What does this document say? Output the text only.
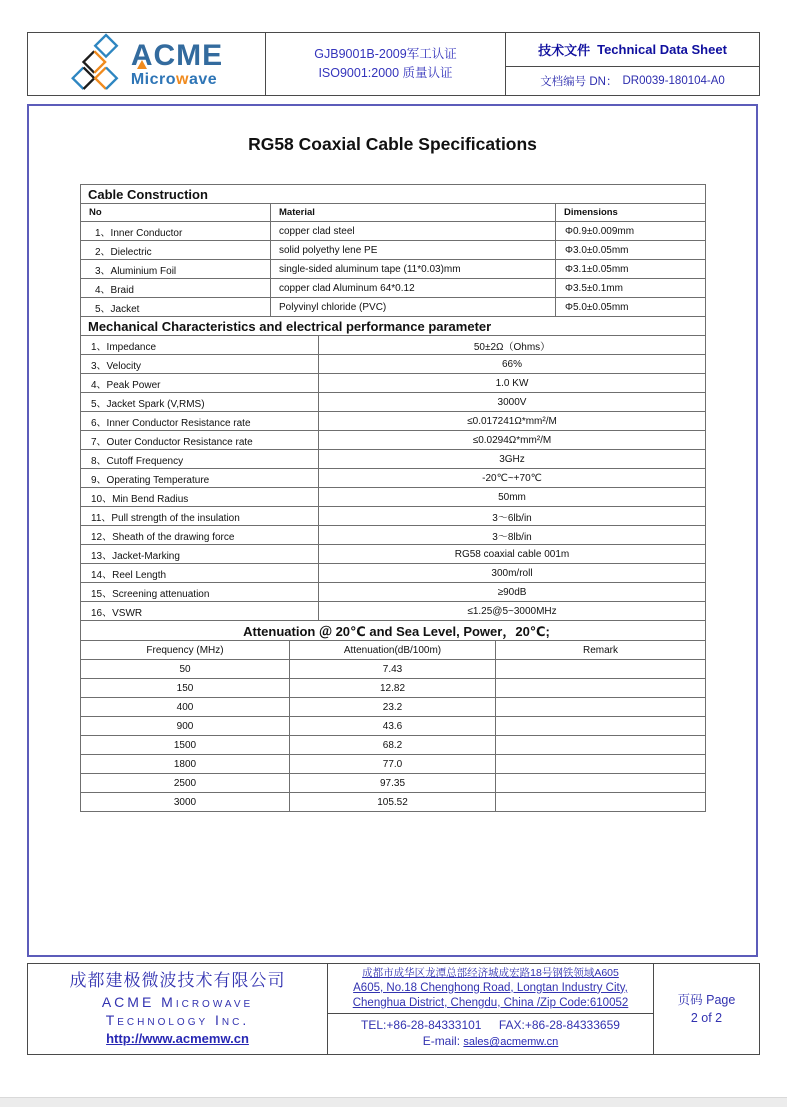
ACME
Microwave
GJB9001B-2009军工认证
ISO9001:2000 质量认证
技术文件 Technical Data Sheet
文档编号 DN： DR0039-180104-A0
RG58 Coaxial Cable Specifications
Cable Construction		
No	Material	Dimensions
1、Inner Conductor	copper clad steel	Φ0.9±0.009mm
2、Dielectric	solid polyethy lene PE	Φ3.0±0.05mm
3、Aluminium Foil	single-sided aluminum tape (11*0.03)mm	Φ3.1±0.05mm
4、Braid	copper clad Aluminum 64*0.12	Φ3.5±0.1mm
5、Jacket	Polyvinyl chloride (PVC)	Φ5.0±0.05mm
Mechanical Characteristics and electrical performance parameter	
1、Impedance	50±2Ω（Ohms）
3、Velocity	66%
4、Peak Power	1.0 KW
5、Jacket Spark (V,RMS)	3000V
6、Inner Conductor Resistance rate	≤0.017241Ω*mm²/M
7、Outer Conductor Resistance rate	≤0.0294Ω*mm²/M
8、Cutoff Frequency	3GHz
9、Operating Temperature	-20℃~+70℃
10、Min Bend Radius	50mm
11、Pull strength of the insulation	3～6lb/in
12、Sheath of the drawing force	3～8lb/in
13、Jacket-Marking	RG58 coaxial cable 001m
14、Reel Length	300m/roll
15、Screening attenuation	≥90dB
16、VSWR	≤1.25@5~3000MHz
Attenuation ＠ 20℃ and Sea Level, Power，20℃;		
Frequency (MHz)	Attenuation(dB/100m)	Remark
50	7.43	
150	12.82	
400	23.2	
900	43.6	
1500	68.2	
1800	77.0	
2500	97.35	
3000	105.52	
成都建极微波技术有限公司
ACME Microwave
Technology Inc.
http://www.acmemw.cn
成都市成华区龙潭总部经济城成宏路18号钢铁领域A605
A605, No.18 Chenghong Road, Longtan Industry City,
Chenghua District, Chengdu, China /Zip Code:610052
TEL:+86-28-84333101 FAX:+86-28-84333659
E-mail: sales@acmemw.cn
页码 Page
2 of 2
